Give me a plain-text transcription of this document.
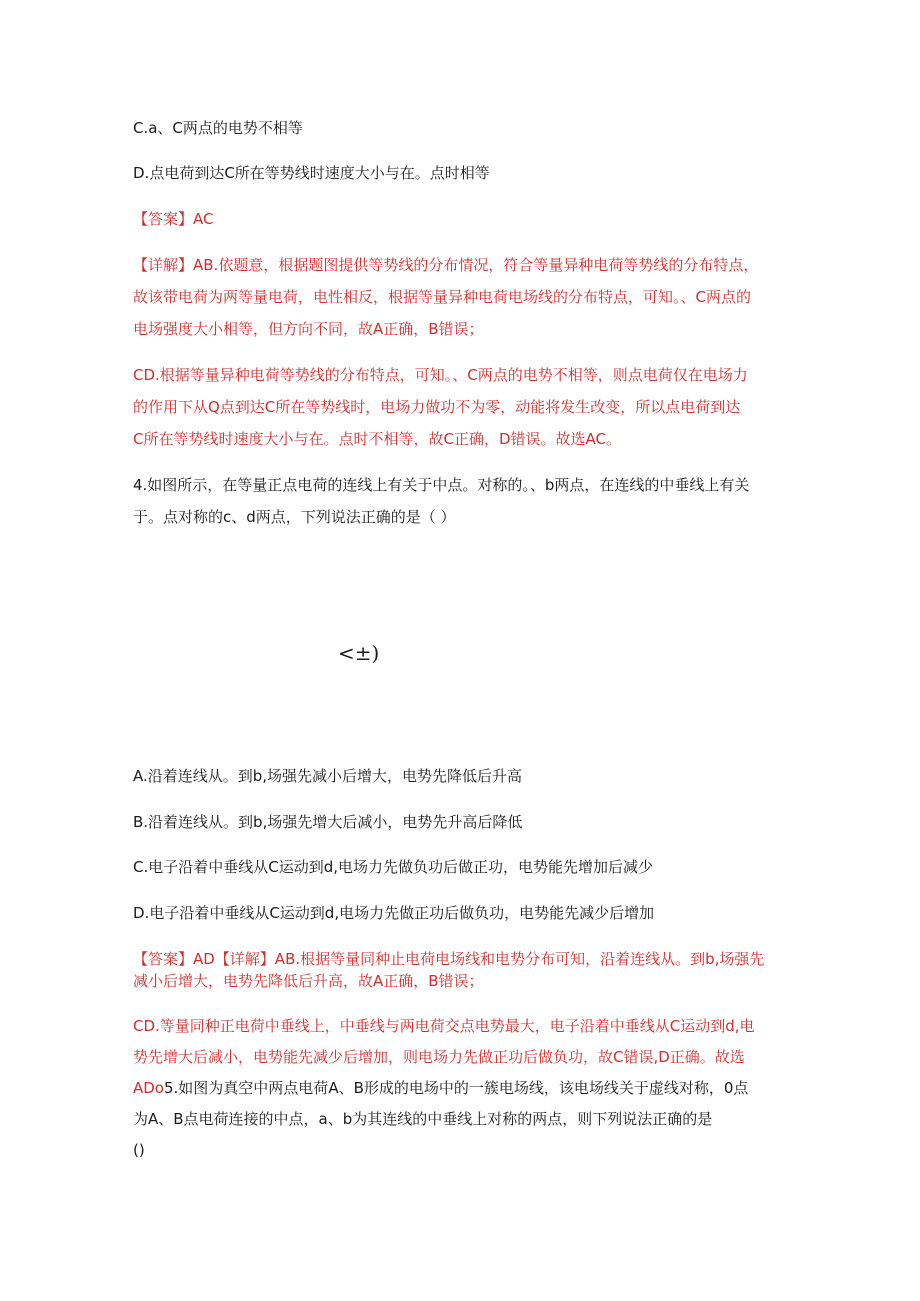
C.a、C两点的电势不相等
D.点电荷到达C所在等势线时速度大小与在。点时相等
【答案】AC
【详解】AB.依题意，根据题图提供等势线的分布情况，符合等量异种电荷等势线的分布特点，
故该带电荷为两等量电荷，电性相反，根据等量异种电荷电场线的分布特点，可知。、C两点的
电场强度大小相等，但方向不同，故A正确，B错误；
CD.根据等量异种电荷等势线的分布特点，可知。、C两点的电势不相等，则点电荷仅在电场力
的作用下从Q点到达C所在等势线时，电场力做功不为零，动能将发生改变，所以点电荷到达
C所在等势线时速度大小与在。点时不相等，故C正确，D错误。故选AC。
4.如图所示，在等量正点电荷的连线上有关于中点。对称的。、b两点，在连线的中垂线上有关
于。点对称的c、d两点，下列说法正确的是（ ）
<±)
A.沿着连线从。到b,场强先减小后增大，电势先降低后升高
B.沿着连线从。到b,场强先增大后减小，电势先升高后降低
C.电子沿着中垂线从C运动到d,电场力先做负功后做正功，电势能先增加后减少
D.电子沿着中垂线从C运动到d,电场力先做正功后做负功，电势能先减少后增加
【答案】AD【详解】AB.根据等量同种止电荷电场线和电势分布可知，沿着连线从。到b,场强先
减小后增大，电势先降低后升高，故A正确，B错误；
CD.等量同种正电荷中垂线上，中垂线与两电荷交点电势最大，电子沿着中垂线从C运动到d,电
势先增大后减小，电势能先减少后增加，则电场力先做正功后做负功，故C错误,D正确。故选
ADo5.如图为真空中两点电荷A、B形成的电场中的一簇电场线，该电场线关于虚线对称，0点
为A、B点电荷连接的中点，a、b为其连线的中垂线上对称的两点，则下列说法正确的是
()
